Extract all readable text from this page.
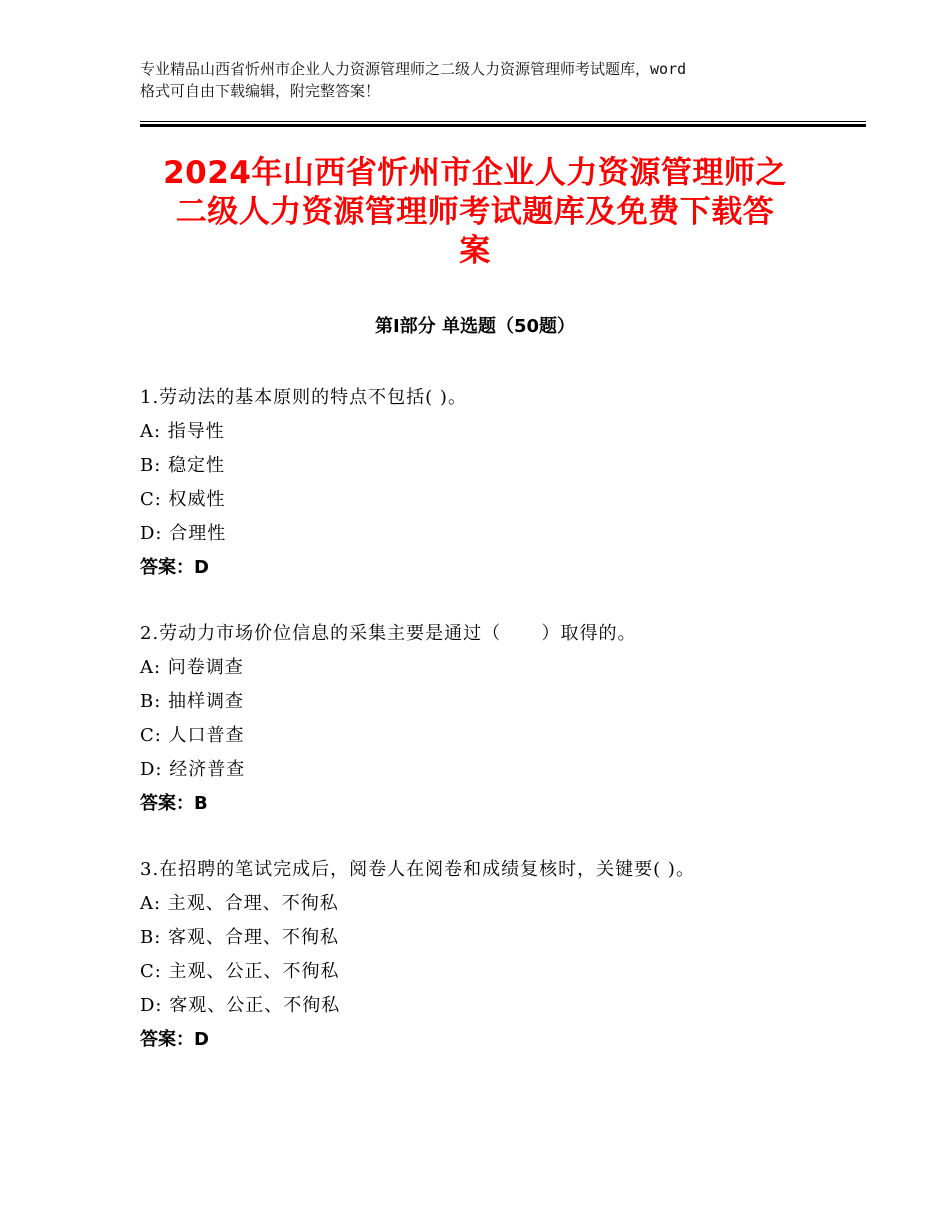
专业精品山西省忻州市企业人力资源管理师之二级人力资源管理师考试题库，word
格式可自由下载编辑，附完整答案！
2024年山西省忻州市企业人力资源管理师之
二级人力资源管理师考试题库及免费下载答
案
第Ⅰ部分 单选题（50题）
1.劳动法的基本原则的特点不包括( )。
A: 指导性
B: 稳定性
C: 权威性
D: 合理性
答案：D
2.劳动力市场价位信息的采集主要是通过（      ）取得的。
A: 问卷调查
B: 抽样调查
C: 人口普查
D: 经济普查
答案：B
3.在招聘的笔试完成后，阅卷人在阅卷和成绩复核时，关键要( )。
A: 主观、合理、不徇私
B: 客观、合理、不徇私
C: 主观、公正、不徇私
D: 客观、公正、不徇私
答案：D
